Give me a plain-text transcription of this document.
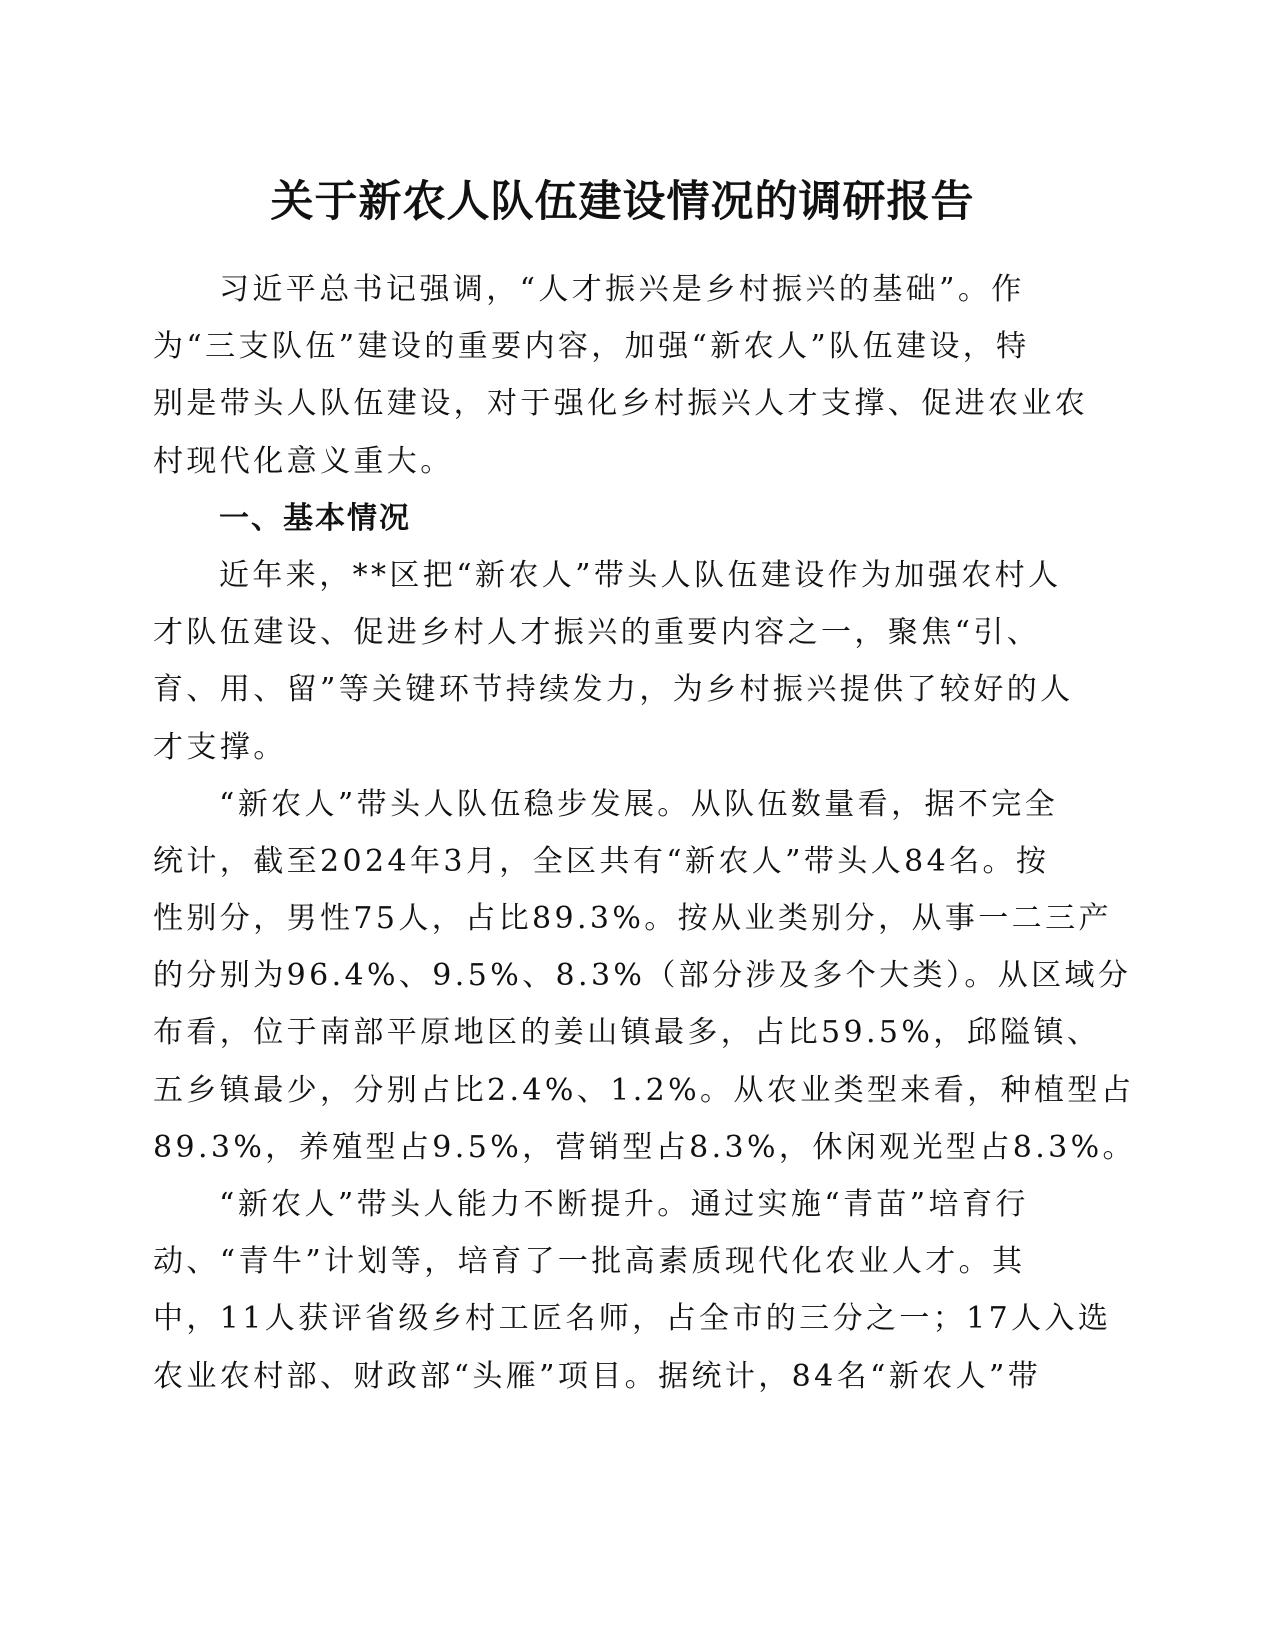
关于新农人队伍建设情况的调研报告
习近平总书记强调，“人才振兴是乡村振兴的基础”。作
为“三支队伍”建设的重要内容，加强“新农人”队伍建设，特
别是带头人队伍建设，对于强化乡村振兴人才支撑、促进农业农
村现代化意义重大。
一、基本情况
近年来，**区把“新农人”带头人队伍建设作为加强农村人
才队伍建设、促进乡村人才振兴的重要内容之一，聚焦“引、
育、用、留”等关键环节持续发力，为乡村振兴提供了较好的人
才支撑。
“新农人”带头人队伍稳步发展。从队伍数量看，据不完全
统计，截至2024年3月，全区共有“新农人”带头人84名。按
性别分，男性75人，占比89.3%。按从业类别分，从事一二三产
的分别为96.4%、9.5%、8.3%（部分涉及多个大类）。从区域分
布看，位于南部平原地区的姜山镇最多，占比59.5%，邱隘镇、
五乡镇最少，分别占比2.4%、1.2%。从农业类型来看，种植型占
89.3%，养殖型占9.5%，营销型占8.3%，休闲观光型占8.3%。
“新农人”带头人能力不断提升。通过实施“青苗”培育行
动、“青牛”计划等，培育了一批高素质现代化农业人才。其
中，11人获评省级乡村工匠名师，占全市的三分之一；17人入选
农业农村部、财政部“头雁”项目。据统计，84名“新农人”带
